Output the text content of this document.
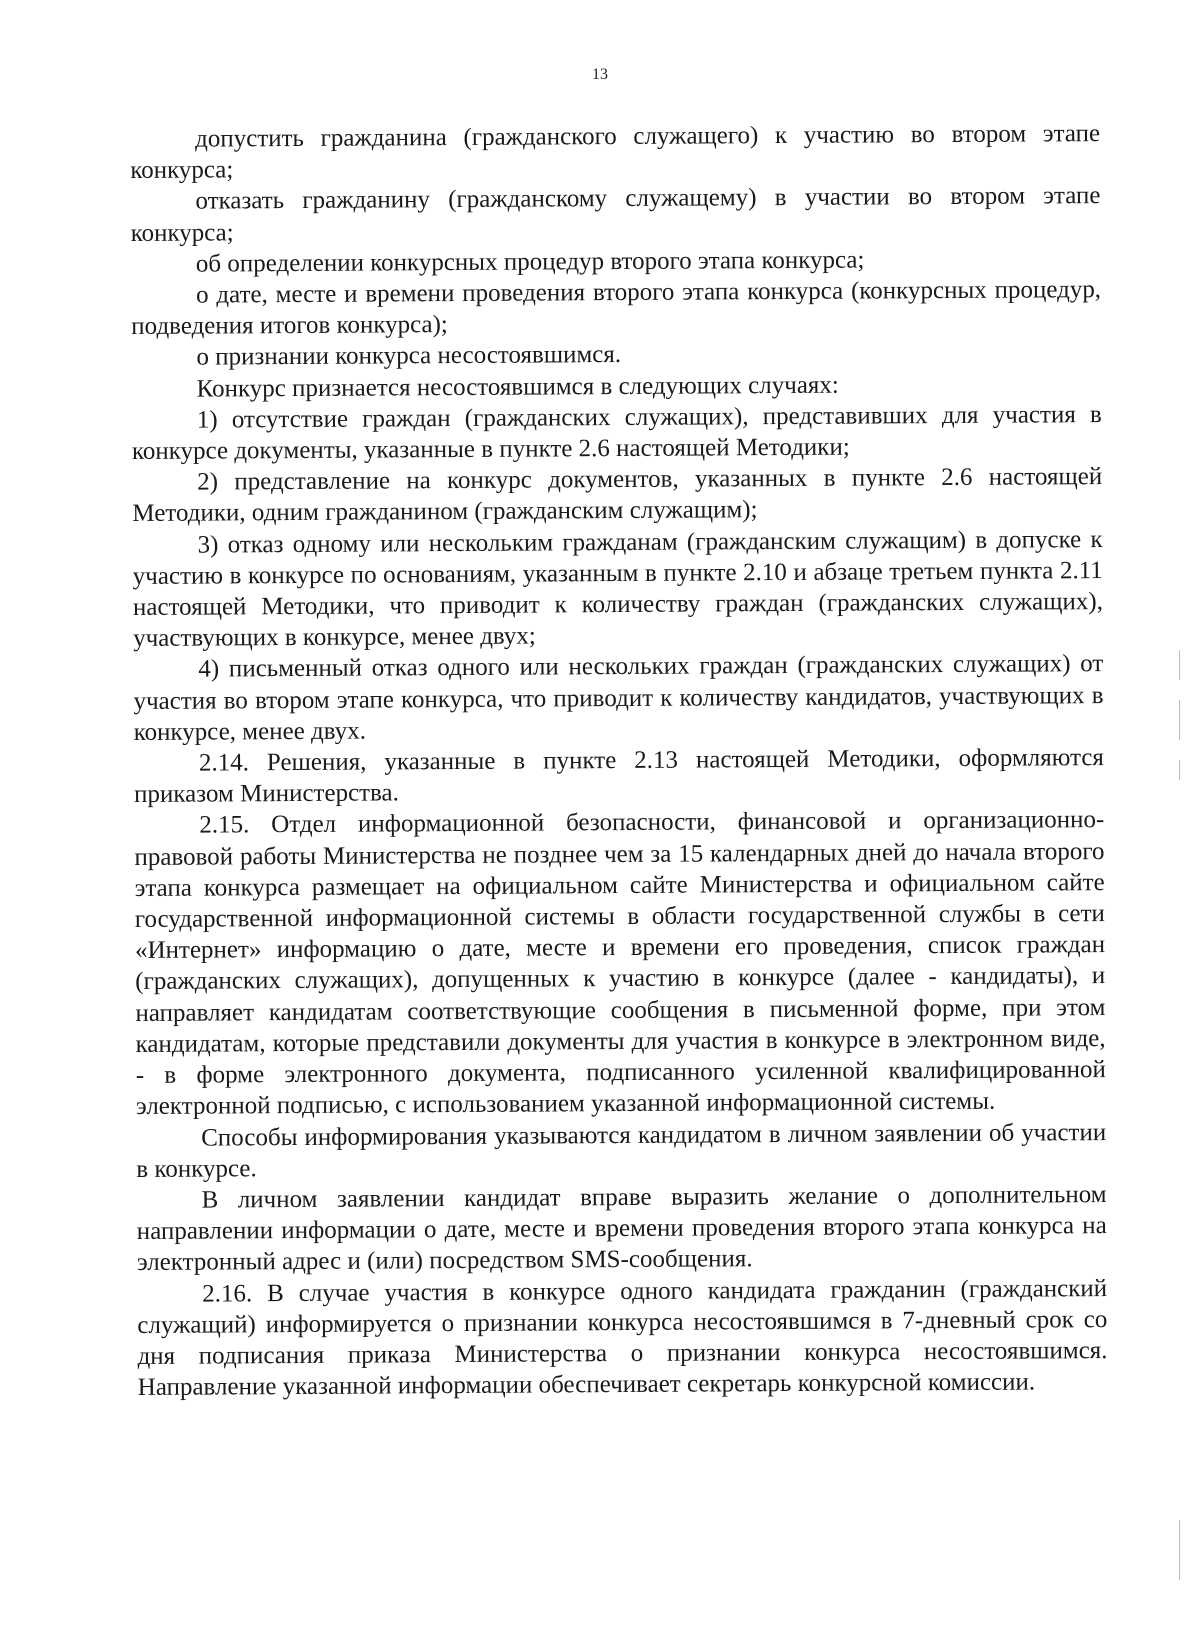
13

допустить гражданина (гражданского служащего) к участию во втором этапе конкурса;

отказать гражданину (гражданскому служащему) в участии во втором этапе конкурса;

об определении конкурсных процедур второго этапа конкурса;

о дате, месте и времени проведения второго этапа конкурса (конкурсных процедур, подведения итогов конкурса);

о признании конкурса несостоявшимся.

Конкурс признается несостоявшимся в следующих случаях:

1) отсутствие граждан (гражданских служащих), представивших для участия в конкурсе документы, указанные в пункте 2.6 настоящей Методики;

2) представление на конкурс документов, указанных в пункте 2.6 настоящей Методики, одним гражданином (гражданским служащим);

3) отказ одному или нескольким гражданам (гражданским служащим) в допуске к участию в конкурсе по основаниям, указанным в пункте 2.10 и абзаце третьем пункта 2.11 настоящей Методики, что приводит к количеству граждан (гражданских служащих), участвующих в конкурсе, менее двух;

4) письменный отказ одного или нескольких граждан (гражданских служащих) от участия во втором этапе конкурса, что приводит к количеству кандидатов, участвующих в конкурсе, менее двух.

2.14. Решения, указанные в пункте 2.13 настоящей Методики, оформляются приказом Министерства.

2.15. Отдел информационной безопасности, финансовой и организационно-правовой работы Министерства не позднее чем за 15 календарных дней до начала второго этапа конкурса размещает на официальном сайте Министерства и официальном сайте государственной информационной системы в области государственной службы в сети «Интернет» информацию о дате, месте и времени его проведения, список граждан (гражданских служащих), допущенных к участию в конкурсе (далее - кандидаты), и направляет кандидатам соответствующие сообщения в письменной форме, при этом кандидатам, которые представили документы для участия в конкурсе в электронном виде, - в форме электронного документа, подписанного усиленной квалифицированной электронной подписью, с использованием указанной информационной системы.

Способы информирования указываются кандидатом в личном заявлении об участии в конкурсе.

В личном заявлении кандидат вправе выразить желание о дополнительном направлении информации о дате, месте и времени проведения второго этапа конкурса на электронный адрес и (или) посредством SMS-сообщения.

2.16. В случае участия в конкурсе одного кандидата гражданин (гражданский служащий) информируется о признании конкурса несостоявшимся в 7-дневный срок со дня подписания приказа Министерства о признании конкурса несостоявшимся. Направление указанной информации обеспечивает секретарь конкурсной комиссии.
